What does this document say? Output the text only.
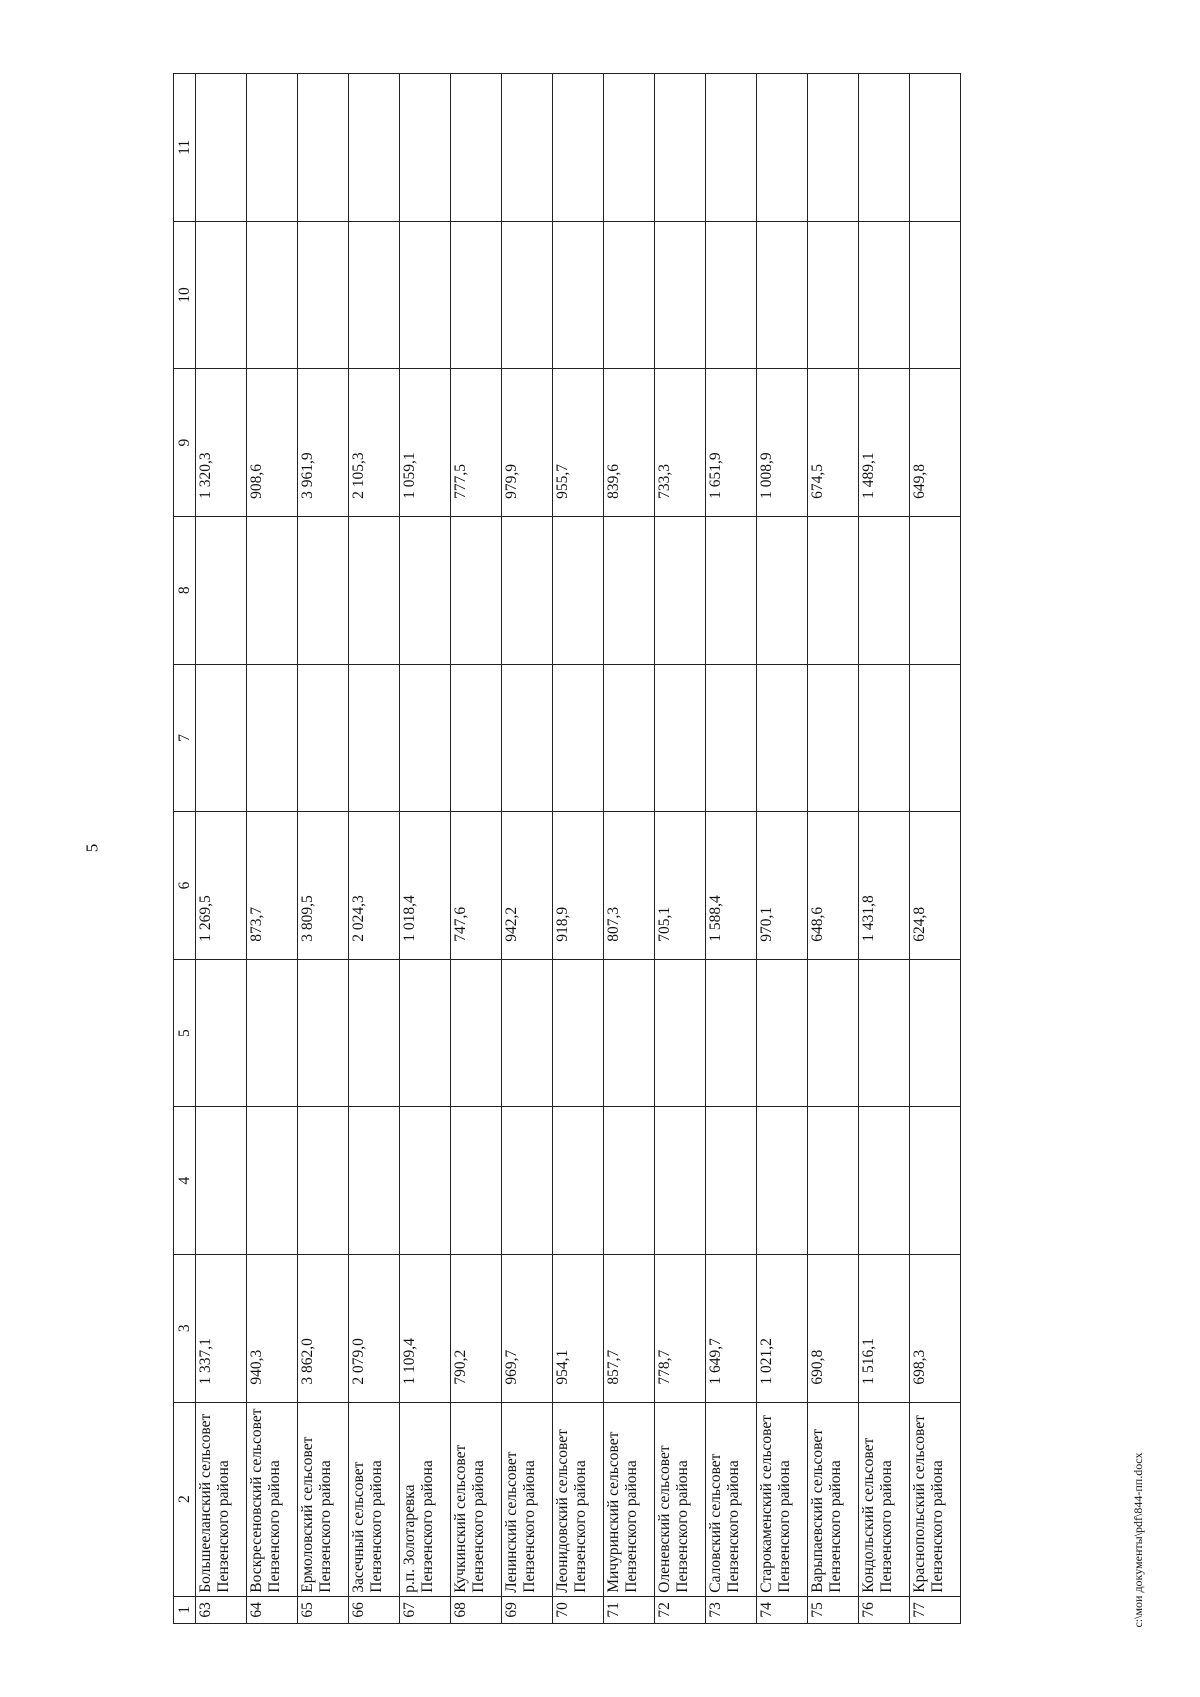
5
1	2	3	4	5	6	7	8	9	10	11
63	Большееланский сельсовет Пензенского района	1 337,1			1 269,5			1 320,3		
64	Воскресеновский сельсовет Пензенского района	940,3			873,7			908,6		
65	Ермоловский сельсовет Пензенского района	3 862,0			3 809,5			3 961,9		
66	Засечный сельсовет Пензенского района	2 079,0			2 024,3			2 105,3		
67	р.п. Золотаревка Пензенского района	1 109,4			1 018,4			1 059,1		
68	Кучкинский сельсовет Пензенского района	790,2			747,6			777,5		
69	Ленинский сельсовет Пензенского района	969,7			942,2			979,9		
70	Леонидовский сельсовет Пензенского района	954,1			918,9			955,7		
71	Мичуринский сельсовет Пензенского района	857,7			807,3			839,6		
72	Оленевский сельсовет Пензенского района	778,7			705,1			733,3		
73	Саловский сельсовет Пензенского района	1 649,7			1 588,4			1 651,9		
74	Старокаменский сельсовет Пензенского района	1 021,2			970,1			1 008,9		
75	Варыпаевский сельсовет Пензенского района	690,8			648,6			674,5		
76	Кондольский сельсовет Пензенского района	1 516,1			1 431,8			1 489,1		
77	Краснопольский сельсовет Пензенского района	698,3			624,8			649,8		
c:\мои документы\pdf\844-пп.docx
